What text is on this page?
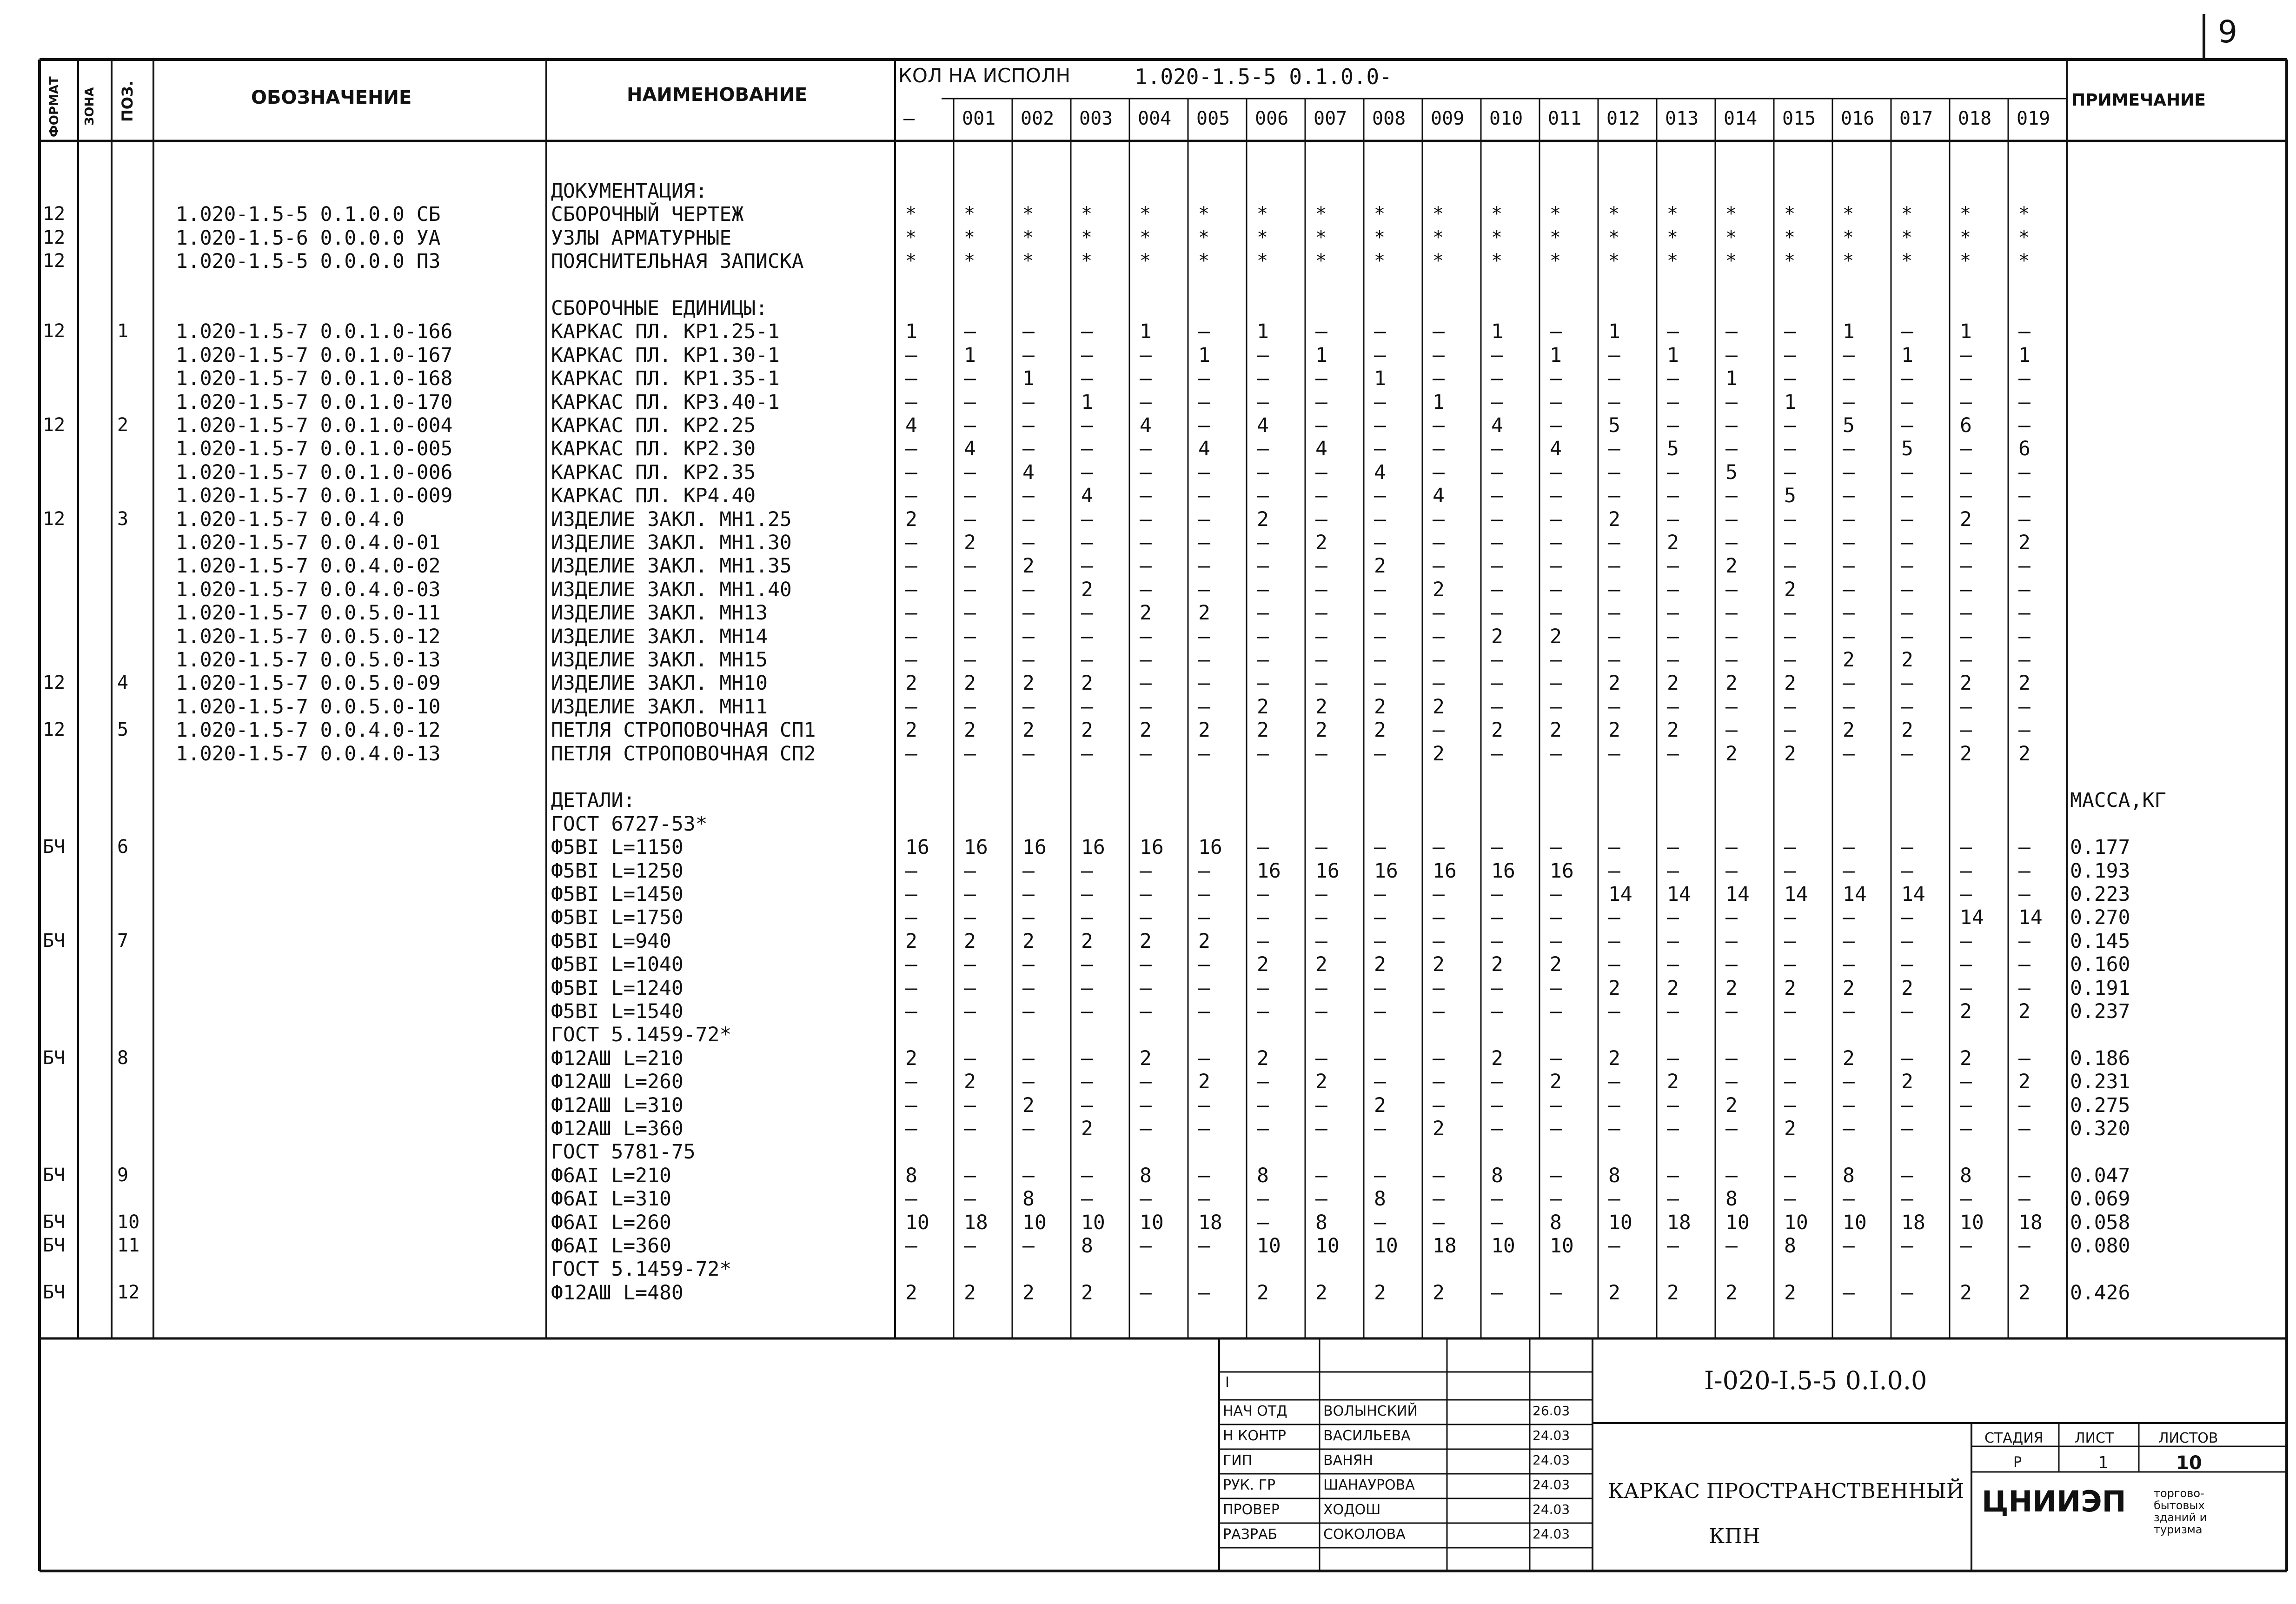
9
ФОРМАТ ЗОНА ПОЗ.	ОБОЗНАЧЕНИЕ	НАИМЕНОВАНИЕ
КОЛ НА ИСПОЛН	1.020-1.5-5 0.1.0.0-
ПРИМЕЧАНИЕ
–	001 002 003 004 005 006 007 008 009 010 011 012 013 014 015 016 017 018 019
ДОКУМЕНТАЦИЯ:
12	1.020-1.5-5 0.1.0.0 СБ	СБОРОЧНЫЙ ЧЕРТЕЖ	*	*	*	*	*	*	*	*	*	*	*	*	*	*	*	*	*	*	*	*
12	1.020-1.5-6 0.0.0.0 УА	УЗЛЫ АРМАТУРНЫЕ	*	*	*	*	*	*	*	*	*	*	*	*	*	*	*	*	*	*	*	*
12	1.020-1.5-5 0.0.0.0 ПЗ	ПОЯСНИТЕЛЬНАЯ ЗАПИСКА	*	*	*	*	*	*	*	*	*	*	*	*	*	*	*	*	*	*	*	*
СБОРОЧНЫЕ ЕДИНИЦЫ:
12	1 1.020-1.5-7 0.0.1.0-166	КАРКАС ПЛ. КР1.25-1	1 – – – 1 – 1 – – – 1 – 1 – – – 1 – 1 –
1.020-1.5-7 0.0.1.0-167	КАРКАС ПЛ. КР1.30-1	– 1 – – – 1 – 1 – – – 1 – 1 – – – 1 – 1
1.020-1.5-7 0.0.1.0-168	КАРКАС ПЛ. КР1.35-1	– – 1 – – – – – 1 – – – – – 1 – – – – –
1.020-1.5-7 0.0.1.0-170	КАРКАС ПЛ. КР3.40-1	– – – 1 – – – – – 1 – – – – – 1 – – – –
12	2 1.020-1.5-7 0.0.1.0-004	КАРКАС ПЛ. КР2.25	4 – – – 4 – 4 – – – 4 – 5 – – – 5 – 6 –
1.020-1.5-7 0.0.1.0-005	КАРКАС ПЛ. КР2.30	– 4 – – – 4 – 4 – – – 4 – 5 – – – 5 – 6
1.020-1.5-7 0.0.1.0-006	КАРКАС ПЛ. КР2.35	– – 4 – – – – – 4 – – – – – 5 – – – – –
1.020-1.5-7 0.0.1.0-009	КАРКАС ПЛ. КР4.40	– – – 4 – – – – – 4 – – – – – 5 – – – –
12	3 1.020-1.5-7 0.0.4.0	ИЗДЕЛИЕ ЗАКЛ. МН1.25	2 – – – – – 2 – – – – – 2 – – – – – 2 –
1.020-1.5-7 0.0.4.0-01	ИЗДЕЛИЕ ЗАКЛ. МН1.30	– 2 – – – – – 2 – – – – – 2 – – – – – 2
1.020-1.5-7 0.0.4.0-02	ИЗДЕЛИЕ ЗАКЛ. МН1.35	– – 2 – – – – – 2 – – – – – 2 – – – – –
1.020-1.5-7 0.0.4.0-03	ИЗДЕЛИЕ ЗАКЛ. МН1.40	– – – 2 – – – – – 2 – – – – – 2 – – – –
1.020-1.5-7 0.0.5.0-11	ИЗДЕЛИЕ ЗАКЛ. МН13	– – – – 2 2 – – – – – – – – – – – – – –
1.020-1.5-7 0.0.5.0-12	ИЗДЕЛИЕ ЗАКЛ. МН14	– – – – – – – – – – 2 2 – – – – – – – –
1.020-1.5-7 0.0.5.0-13	ИЗДЕЛИЕ ЗАКЛ. МН15	– – – – – – – – – – – – – – – – 2 2 – –
12	4 1.020-1.5-7 0.0.5.0-09	ИЗДЕЛИЕ ЗАКЛ. МН10	2 2 2 2 – – – – – – – – 2 2 2 2 – – 2 2
1.020-1.5-7 0.0.5.0-10	ИЗДЕЛИЕ ЗАКЛ. МН11	– – – – – – 2 2 2 2 – – – – – – – – – –
12	5 1.020-1.5-7 0.0.4.0-12	ПЕТЛЯ СТРОПОВОЧНАЯ СП1	2 2 2 2 2 2 2 2 2 – 2 2 2 2 – – 2 2 – –
1.020-1.5-7 0.0.4.0-13	ПЕТЛЯ СТРОПОВОЧНАЯ СП2	– – – – – – – – – 2 – – – – 2 2 – – 2 2
ДЕТАЛИ:	МАССА,КГ
ГОСТ 6727-53*
БЧ	6	Ф5ВI L=1150	16 16 16 16 16 16 – – – – – – – – – – – – – – 0.177
Ф5ВI L=1250	– – – – – – 16 16 16 16 16 16 – – – – – – – – 0.193
Ф5ВI L=1450	– – – – – – – – – – – – 14 14 14 14 14 14 – – 0.223
Ф5ВI L=1750	– – – – – – – – – – – – – – – – – – 14 14 0.270
БЧ	7	Ф5ВI L=940	2 2 2 2 2 2 – – – – – – – – – – – – – – 0.145
Ф5ВI L=1040	– – – – – – 2 2 2 2 2 2 – – – – – – – – 0.160
Ф5ВI L=1240	– – – – – – – – – – – – 2 2 2 2 2 2 – – 0.191
Ф5ВI L=1540	– – – – – – – – – – – – – – – – – – 2 2 0.237
ГОСТ 5.1459-72*
БЧ	8	Ф12АШ L=210	2 – – – 2 – 2 – – – 2 – 2 – – – 2 – 2 – 0.186
Ф12АШ L=260	– 2 – – – 2 – 2 – – – 2 – 2 – – – 2 – 2 0.231
Ф12АШ L=310	– – 2 – – – – – 2 – – – – – 2 – – – – – 0.275
Ф12АШ L=360	– – – 2 – – – – – 2 – – – – – 2 – – – – 0.320
ГОСТ 5781-75
БЧ	9	Ф6АI L=210	8 – – – 8 – 8 – – – 8 – 8 – – – 8 – 8 – 0.047
Ф6АI L=310	– – 8 – – – – – 8 – – – – – 8 – – – – – 0.069
БЧ	10	Ф6АI L=260	10 18 10 10 10 18 – 8 – – – 8 10 18 10 10 10 18 10 18 0.058
БЧ	11	Ф6АI L=360	– – – 8 – – 10 10 10 18 10 10 – – – 8 – – – – 0.080
ГОСТ 5.1459-72*
БЧ	12	Ф12АШ L=480	2 2 2 2 – – 2 2 2 2 – – 2 2 2 2 – – 2 2 0.426
I
НАЧ ОТД	ВОЛЫНСКИЙ	26.03
Н КОНТР	ВАСИЛЬЕВА	24.03
ГИП	ВАНЯН	24.03
РУК. ГР	ШАНАУРОВА	24.03
ПРОВЕР	ХОДОШ	24.03
РАЗРАБ	СОКОЛОВА	24.03
I-020-I.5-5 0.I.0.0
КАРКАС ПРОСТРАНСТВЕННЫЙ
КПН
СТАДИЯ ЛИСТ	ЛИСТОВ
Р	1	10
ЦНИИЭП торгово-бытовых зданий и туризма
